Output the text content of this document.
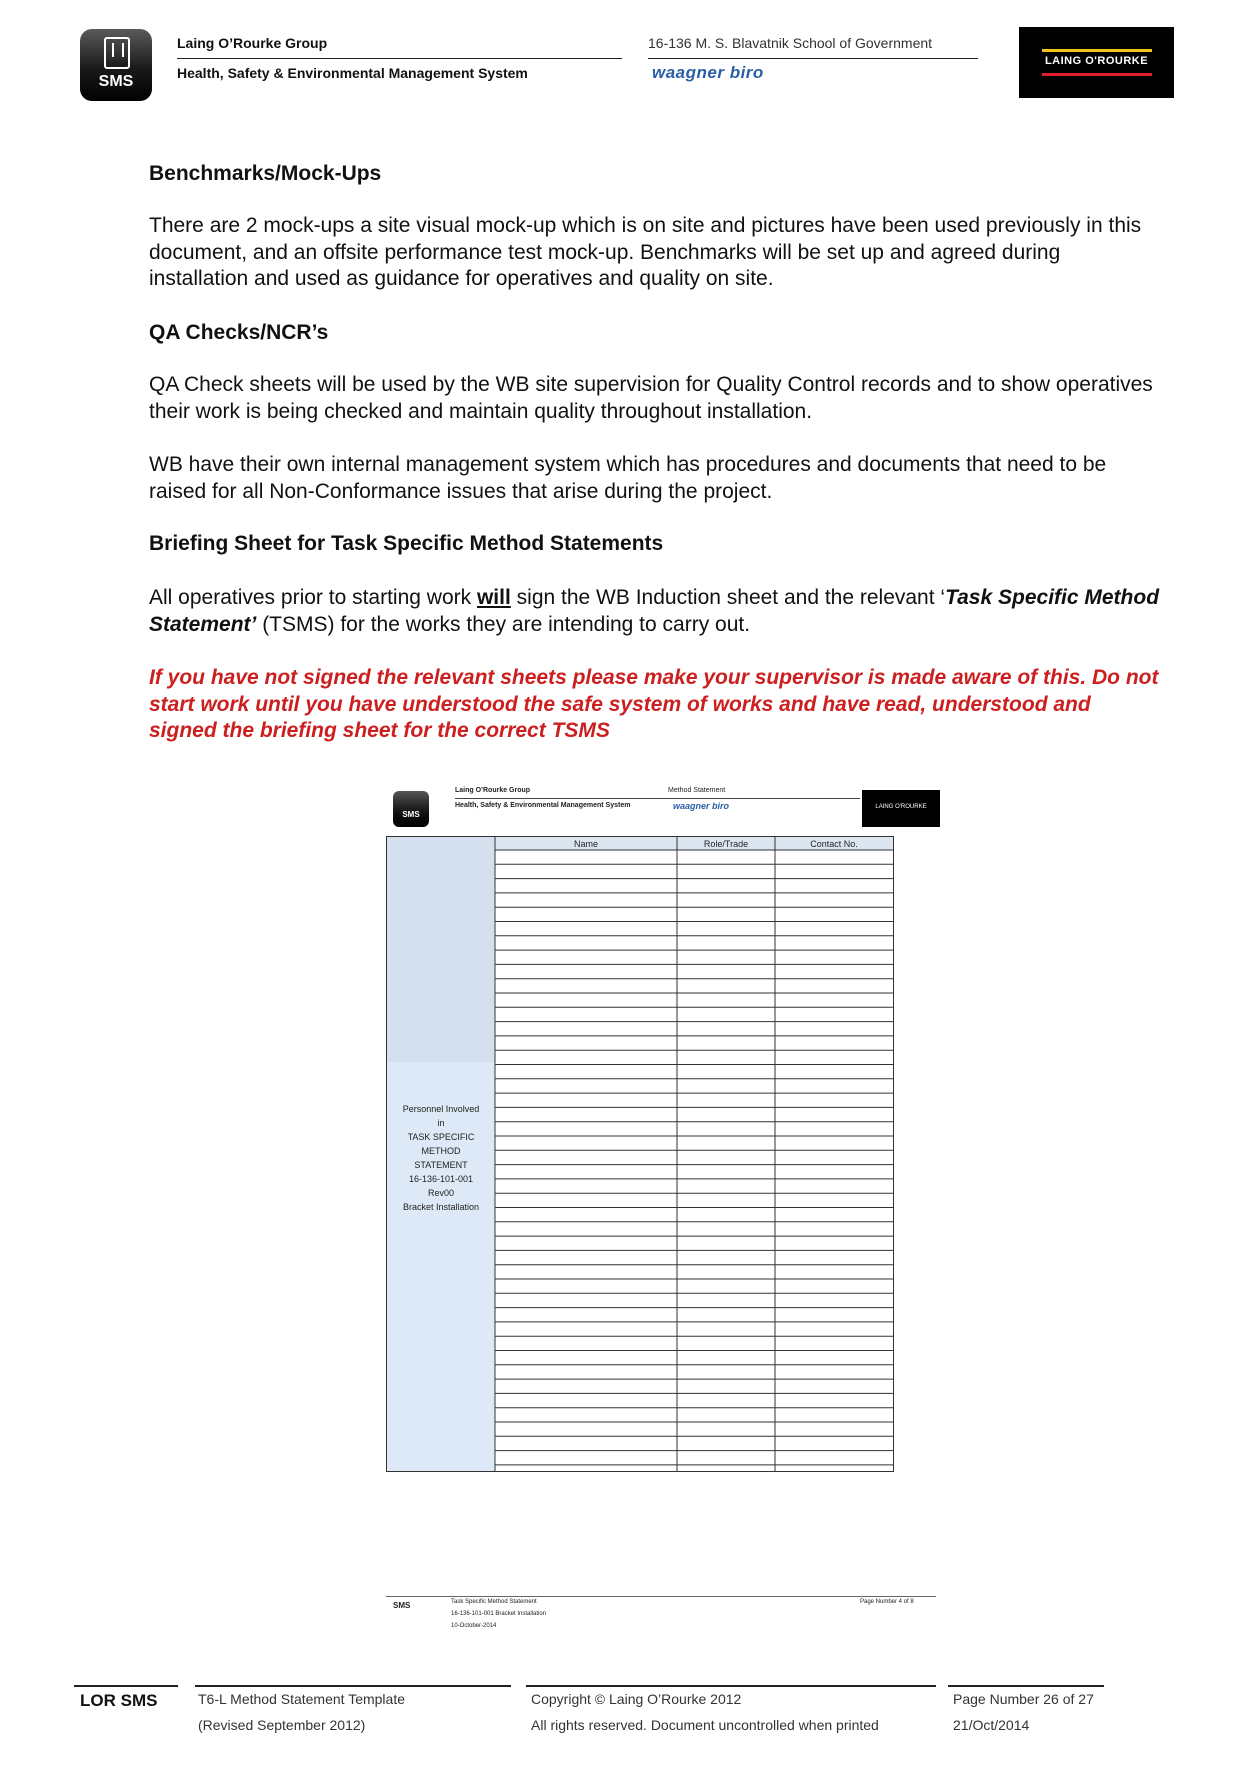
SMS
Laing O’Rourke Group
Health, Safety & Environmental Management System
16-136 M. S. Blavatnik School of Government
waagner biro
LAING O'ROURKE
Benchmarks/Mock-Ups
There are 2 mock-ups a site visual mock-up which is on site and pictures have been used previously in this document, and an offsite performance test mock-up. Benchmarks will be set up and agreed during installation and used as guidance for operatives and quality on site.
QA Checks/NCR’s
QA Check sheets will be used by the WB site supervision for Quality Control records and to show operatives their work is being checked and maintain quality throughout installation.
WB have their own internal management system which has procedures and documents that need to be raised for all Non-Conformance issues that arise during the project.
Briefing Sheet for Task Specific Method Statements
All operatives prior to starting work will sign the WB Induction sheet and the relevant ‘Task Specific Method Statement’ (TSMS) for the works they are intending to carry out.
If you have not signed the relevant sheets please make your supervisor is made aware of this. Do not start work until you have understood the safe system of works and have read, understood and signed the briefing sheet for the correct TSMS
SMS
Laing O’Rourke Group
Health, Safety & Environmental Management System
Method Statement
waagner biro	LAING O'ROURKE
Name	Role/Trade	Contact No.
Personnel Involved
in
TASK SPECIFIC
METHOD
STATEMENT
16-136-101-001
Rev00
Bracket Installation
SMS	Task Specific Method Statement
16-136-101-001 Bracket Installation
10-October-2014
Page Number 4 of 8
LOR SMS	T6-L Method Statement Template
(Revised September 2012)
Copyright © Laing O’Rourke 2012
All rights reserved. Document uncontrolled when printed
Page Number 26 of 27
21/Oct/2014
